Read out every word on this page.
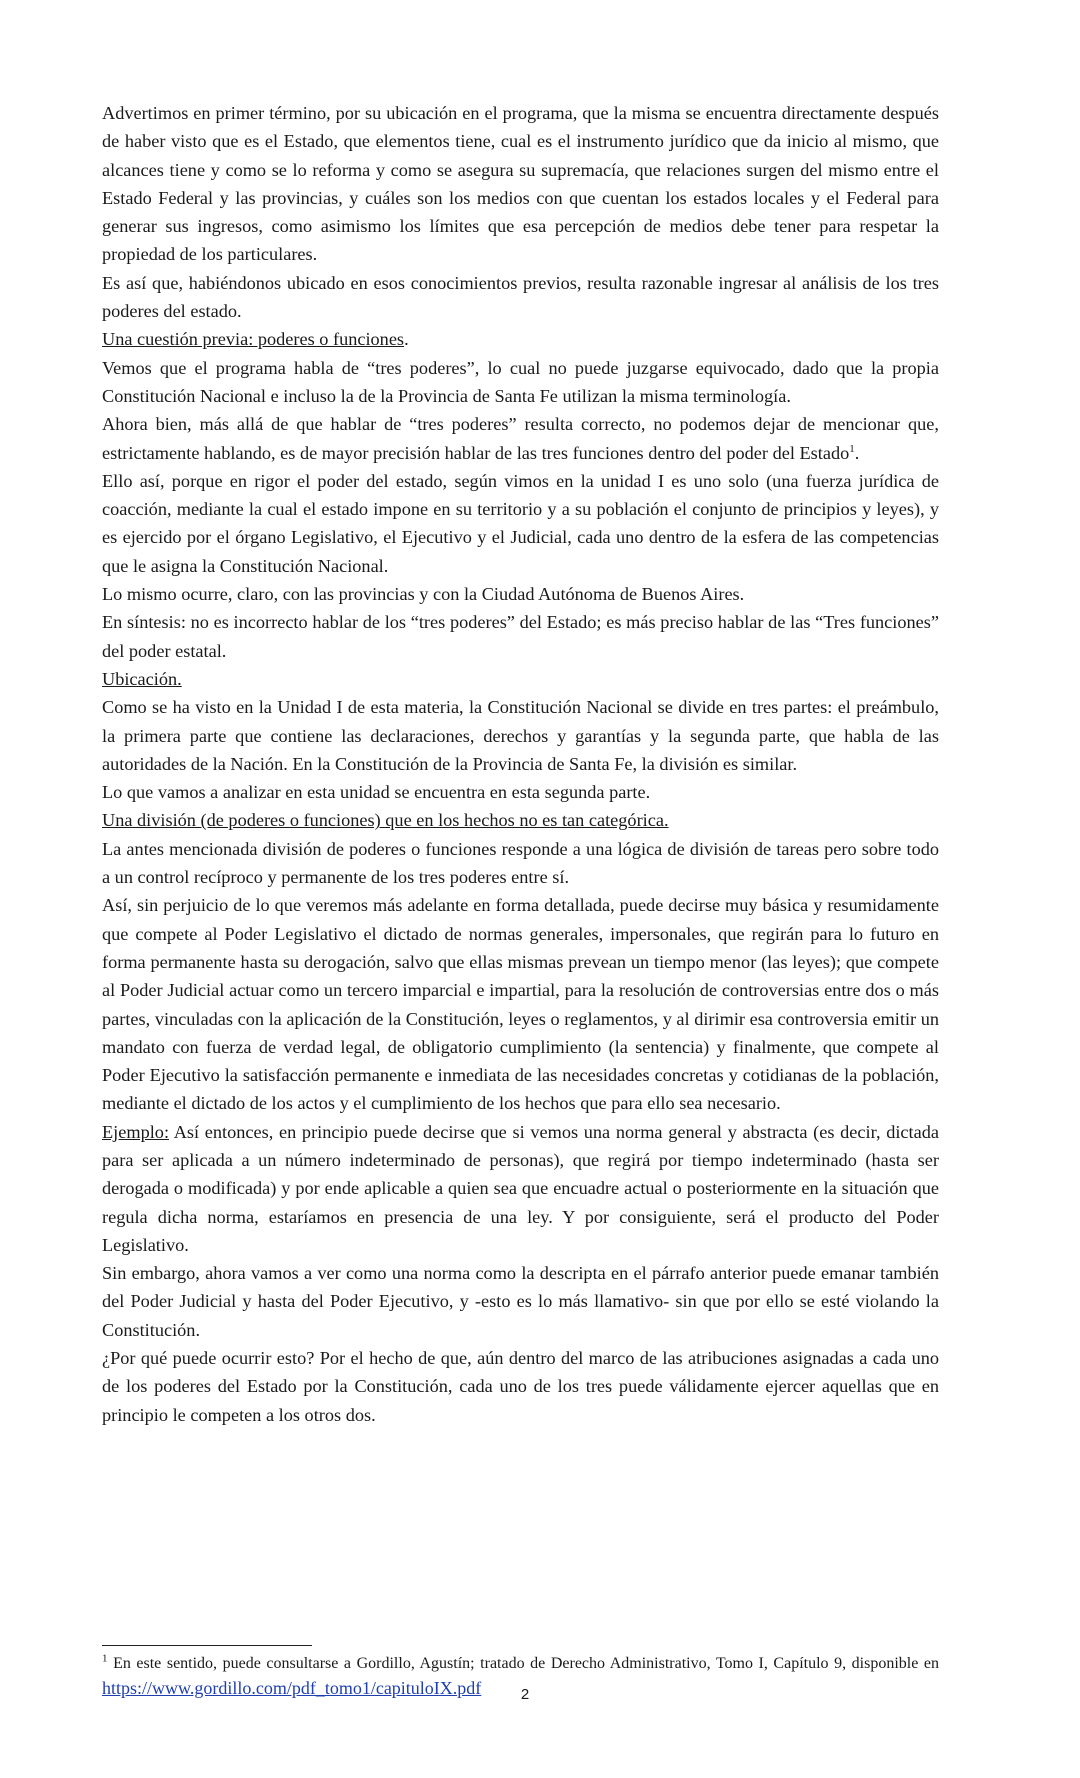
Advertimos en primer término, por su ubicación en el programa, que la misma se encuentra directamente después de haber visto que es el Estado, que elementos tiene, cual es el instrumento jurídico que da inicio al mismo, que alcances tiene y como se lo reforma y como se asegura su supremacía, que relaciones surgen del mismo entre el Estado Federal y las provincias, y cuáles son los medios con que cuentan los estados locales y el Federal para generar sus ingresos, como asimismo los límites que esa percepción de medios debe tener para respetar la propiedad de los particulares.

Es así que, habiéndonos ubicado en esos conocimientos previos, resulta razonable ingresar al análisis de los tres poderes del estado.

Una cuestión previa: poderes o funciones.

Vemos que el programa habla de “tres poderes”, lo cual no puede juzgarse equivocado, dado que la propia Constitución Nacional e incluso la de la Provincia de Santa Fe utilizan la misma terminología.

Ahora bien, más allá de que hablar de “tres poderes” resulta correcto, no podemos dejar de mencionar que, estrictamente hablando, es de mayor precisión hablar de las tres funciones dentro del poder del Estado$^1$.

Ello así, porque en rigor el poder del estado, según vimos en la unidad I es uno solo (una fuerza jurídica de coacción, mediante la cual el estado impone en su territorio y a su población el conjunto de principios y leyes), y es ejercido por el órgano Legislativo, el Ejecutivo y el Judicial, cada uno dentro de la esfera de las competencias que le asigna la Constitución Nacional.

Lo mismo ocurre, claro, con las provincias y con la Ciudad Autónoma de Buenos Aires.

En síntesis: no es incorrecto hablar de los “tres poderes” del Estado; es más preciso hablar de las “Tres funciones” del poder estatal.

Ubicación.

Como se ha visto en la Unidad I de esta materia, la Constitución Nacional se divide en tres partes: el preámbulo, la primera parte que contiene las declaraciones, derechos y garantías y la segunda parte, que habla de las autoridades de la Nación. En la Constitución de la Provincia de Santa Fe, la división es similar.

Lo que vamos a analizar en esta unidad se encuentra en esta segunda parte.

Una división (de poderes o funciones) que en los hechos no es tan categórica.

La antes mencionada división de poderes o funciones responde a una lógica de división de tareas pero sobre todo a un control recíproco y permanente de los tres poderes entre sí.

Así, sin perjuicio de lo que veremos más adelante en forma detallada, puede decirse muy básica y resumidamente que compete al Poder Legislativo el dictado de normas generales, impersonales, que regirán para lo futuro en forma permanente hasta su derogación, salvo que ellas mismas prevean un tiempo menor (las leyes); que compete al Poder Judicial actuar como un tercero imparcial e impartial, para la resolución de controversias entre dos o más partes, vinculadas con la aplicación de la Constitución, leyes o reglamentos, y al dirimir esa controversia emitir un mandato con fuerza de verdad legal, de obligatorio cumplimiento (la sentencia) y finalmente, que compete al Poder Ejecutivo la satisfacción permanente e inmediata de las necesidades concretas y cotidianas de la población, mediante el dictado de los actos y el cumplimiento de los hechos que para ello sea necesario.

Ejemplo: Así entonces, en principio puede decirse que si vemos una norma general y abstracta (es decir, dictada para ser aplicada a un número indeterminado de personas), que regirá por tiempo indeterminado (hasta ser derogada o modificada) y por ende aplicable a quien sea que encuadre actual o posteriormente en la situación que regula dicha norma, estaríamos en presencia de una ley. Y por consiguiente, será el producto del Poder Legislativo.

Sin embargo, ahora vamos a ver como una norma como la descripta en el párrafo anterior puede emanar también del Poder Judicial y hasta del Poder Ejecutivo, y -esto es lo más llamativo- sin que por ello se esté violando la Constitución.

¿Por qué puede ocurrir esto? Por el hecho de que, aún dentro del marco de las atribuciones asignadas a cada uno de los poderes del Estado por la Constitución, cada uno de los tres puede válidamente ejercer aquellas que en principio le competen a los otros dos.

$^1$ En este sentido, puede consultarse a Gordillo, Agustín; tratado de Derecho Administrativo, Tomo I, Capítulo 9, disponible en https://www.gordillo.com/pdf_tomo1/capituloIX.pdf	2
